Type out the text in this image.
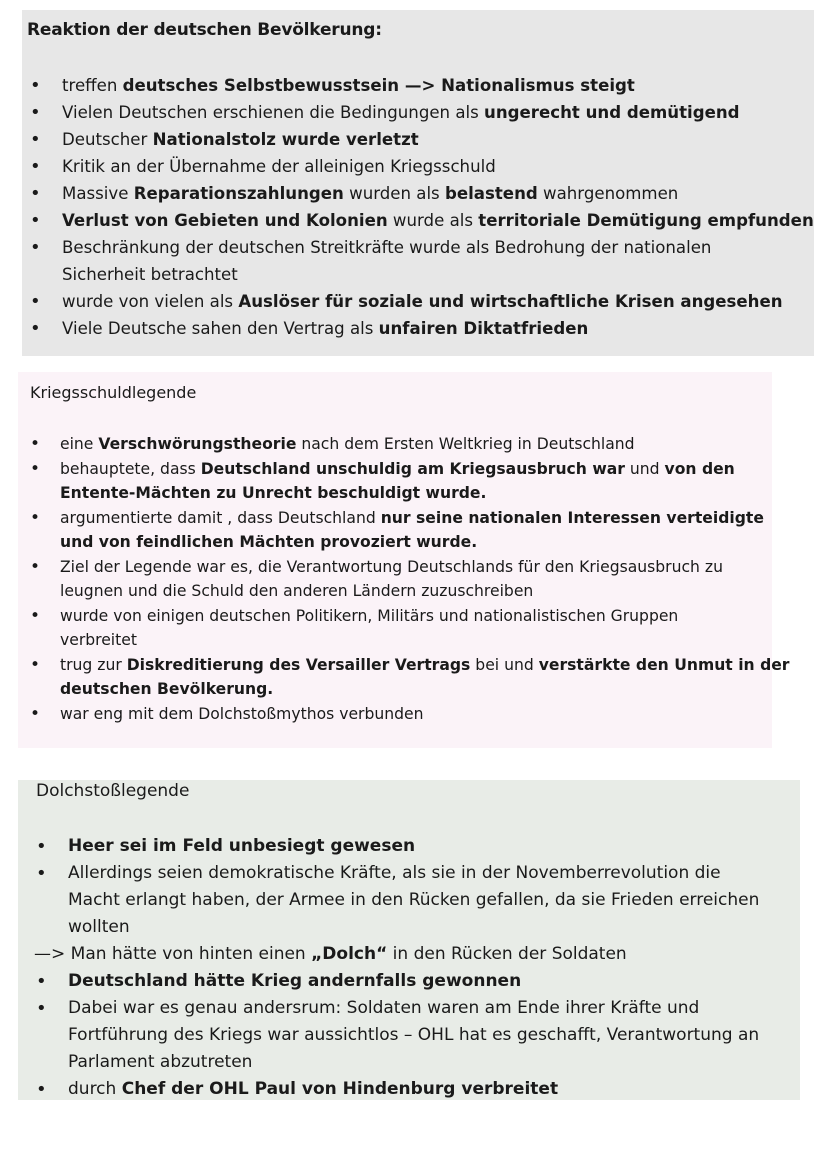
Reaktion der deutschen Bevölkerung:
• treffen deutsches Selbstbewusstsein —> Nationalismus steigt
• Vielen Deutschen erschienen die Bedingungen als ungerecht und demütigend
• Deutscher Nationalstolz wurde verletzt
• Kritik an der Übernahme der alleinigen Kriegsschuld
• Massive Reparationszahlungen wurden als belastend wahrgenommen
• Verlust von Gebieten und Kolonien wurde als territoriale Demütigung empfunden
• Beschränkung der deutschen Streitkräfte wurde als Bedrohung der nationalen
Sicherheit betrachtet
• wurde von vielen als Auslöser für soziale und wirtschaftliche Krisen angesehen
• Viele Deutsche sahen den Vertrag als unfairen Diktatfrieden
Kriegsschuldlegende
• eine Verschwörungstheorie nach dem Ersten Weltkrieg in Deutschland
• behauptete, dass Deutschland unschuldig am Kriegsausbruch war und von den
Entente-Mächten zu Unrecht beschuldigt wurde.
• argumentierte damit , dass Deutschland nur seine nationalen Interessen verteidigte
und von feindlichen Mächten provoziert wurde.
• Ziel der Legende war es, die Verantwortung Deutschlands für den Kriegsausbruch zu
leugnen und die Schuld den anderen Ländern zuzuschreiben
• wurde von einigen deutschen Politikern, Militärs und nationalistischen Gruppen
verbreitet
• trug zur Diskreditierung des Versailler Vertrags bei und verstärkte den Unmut in der
deutschen Bevölkerung.
• war eng mit dem Dolchstoßmythos verbunden
Dolchstoßlegende
• Heer sei im Feld unbesiegt gewesen
• Allerdings seien demokratische Kräfte, als sie in der Novemberrevolution die
Macht erlangt haben, der Armee in den Rücken gefallen, da sie Frieden erreichen
wollten
—> Man hätte von hinten einen „Dolch“ in den Rücken der Soldaten
• Deutschland hätte Krieg andernfalls gewonnen
• Dabei war es genau andersrum: Soldaten waren am Ende ihrer Kräfte und
Fortführung des Kriegs war aussichtlos – OHL hat es geschafft, Verantwortung an
Parlament abzutreten
• durch Chef der OHL Paul von Hindenburg verbreitet
